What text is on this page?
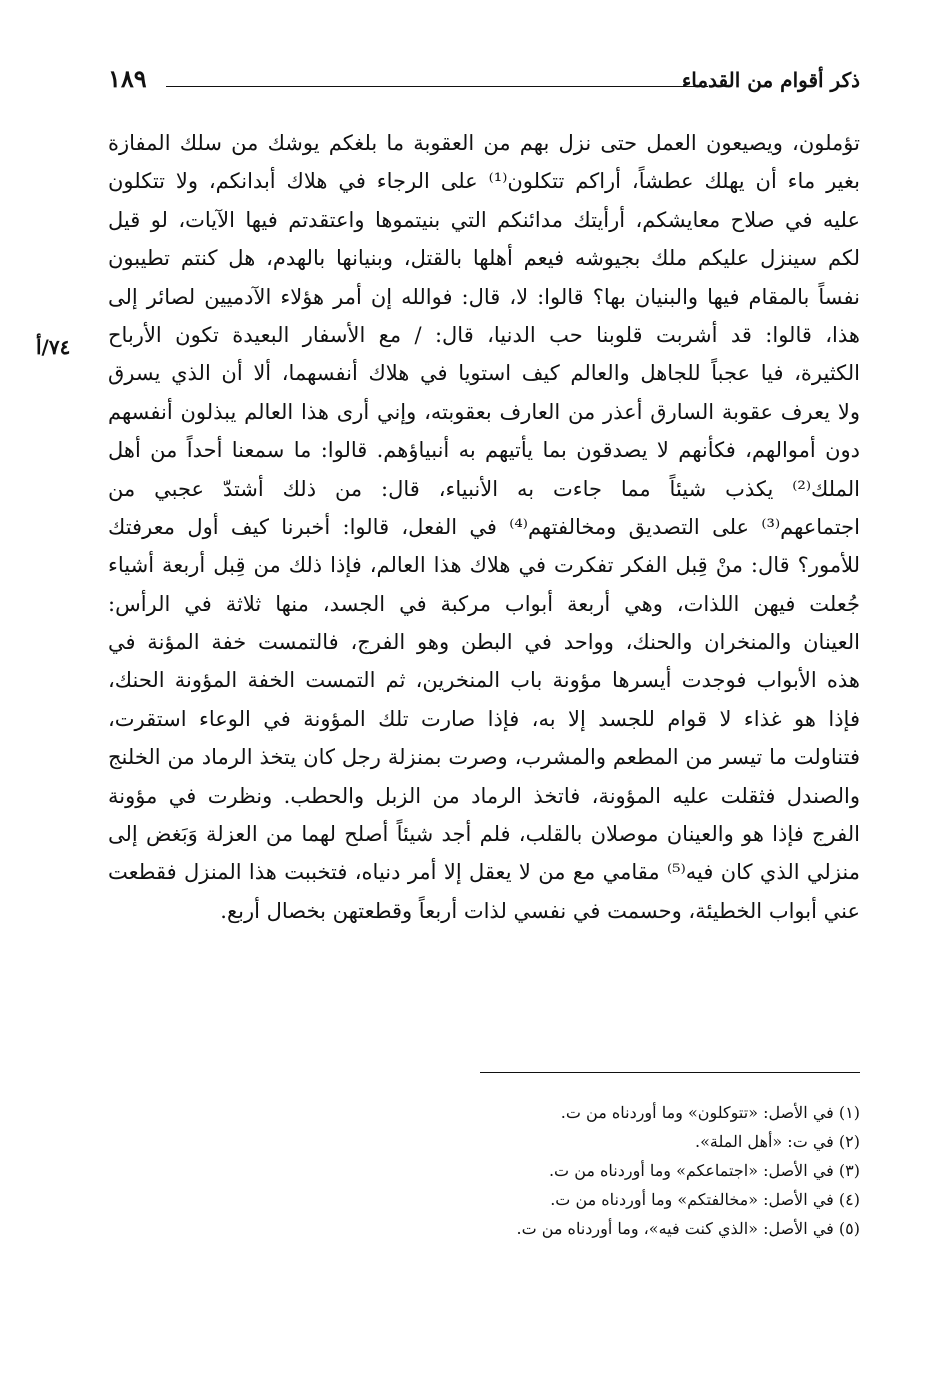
ذكر أقوام من القدماء
١٨٩
٧٤/أ
تؤملون، ويصيعون العمل حتى نزل بهم من العقوبة ما بلغكم يوشك من سلك المفازة
بغير ماء أن يهلك عطشاً، أراكم تتكلون⁽¹⁾ على الرجاء في هلاك أبدانكم، ولا تتكلون
عليه في صلاح معايشكم، أرأيتك مدائنكم التي بنيتموها واعتقدتم فيها الآيات، لو قيل
لكم سينزل عليكم ملك بجيوشه فيعم أهلها بالقتل، وبنيانها بالهدم، هل كنتم تطيبون
نفساً بالمقام فيها والبنيان بها؟ قالوا: لا، قال: فوالله إن أمر هؤلاء الآدميين لصائر إلى
هذا، قالوا: قد أشربت قلوبنا حب الدنيا، قال: / مع الأسفار البعيدة تكون الأرباح
الكثيرة، فيا عجباً للجاهل والعالم كيف استويا في هلاك أنفسهما، ألا أن الذي يسرق
ولا يعرف عقوبة السارق أعذر من العارف بعقوبته، وإني أرى هذا العالم يبذلون أنفسهم
دون أموالهم، فكأنهم لا يصدقون بما يأتيهم به أنبياؤهم. قالوا: ما سمعنا أحداً من أهل
الملك⁽²⁾ يكذب شيئاً مما جاءت به الأنبياء، قال: من ذلك أشتدّ عجبي من
اجتماعهم⁽³⁾ على التصديق ومخالفتهم⁽⁴⁾ في الفعل، قالوا: أخبرنا كيف أول معرفتك
للأمور؟ قال: منْ قِبل الفكر تفكرت في هلاك هذا العالم، فإذا ذلك من قِبل أربعة أشياء
جُعلت فيهن اللذات، وهي أربعة أبواب مركبة في الجسد، منها ثلاثة في الرأس:
العينان والمنخران والحنك، وواحد في البطن وهو الفرج، فالتمست خفة المؤنة في
هذه الأبواب فوجدت أيسرها مؤونة باب المنخرين، ثم التمست الخفة المؤونة الحنك،
فإذا هو غذاء لا قوام للجسد إلا به، فإذا صارت تلك المؤونة في الوعاء استقرت،
فتناولت ما تيسر من المطعم والمشرب، وصرت بمنزلة رجل كان يتخذ الرماد من الخلنج
والصندل فثقلت عليه المؤونة، فاتخذ الرماد من الزبل والحطب. ونظرت في مؤونة
الفرج فإذا هو والعينان موصلان بالقلب، فلم أجد شيئاً أصلح لهما من العزلة وَبَغض إلى
منزلي الذي كان فيه⁽⁵⁾ مقامي مع من لا يعقل إلا أمر دنياه، فتخببت هذا المنزل فقطعت
عني أبواب الخطيئة، وحسمت في نفسي لذات أربعاً وقطعتهن بخصال أربع.
(١) في الأصل: «تتوكلون» وما أوردناه من ت.
(٢) في ت: «أهل الملة».
(٣) في الأصل: «اجتماعكم» وما أوردناه من ت.
(٤) في الأصل: «مخالفتكم» وما أوردناه من ت.
(٥) في الأصل: «الذي كنت فيه»، وما أوردناه من ت.
